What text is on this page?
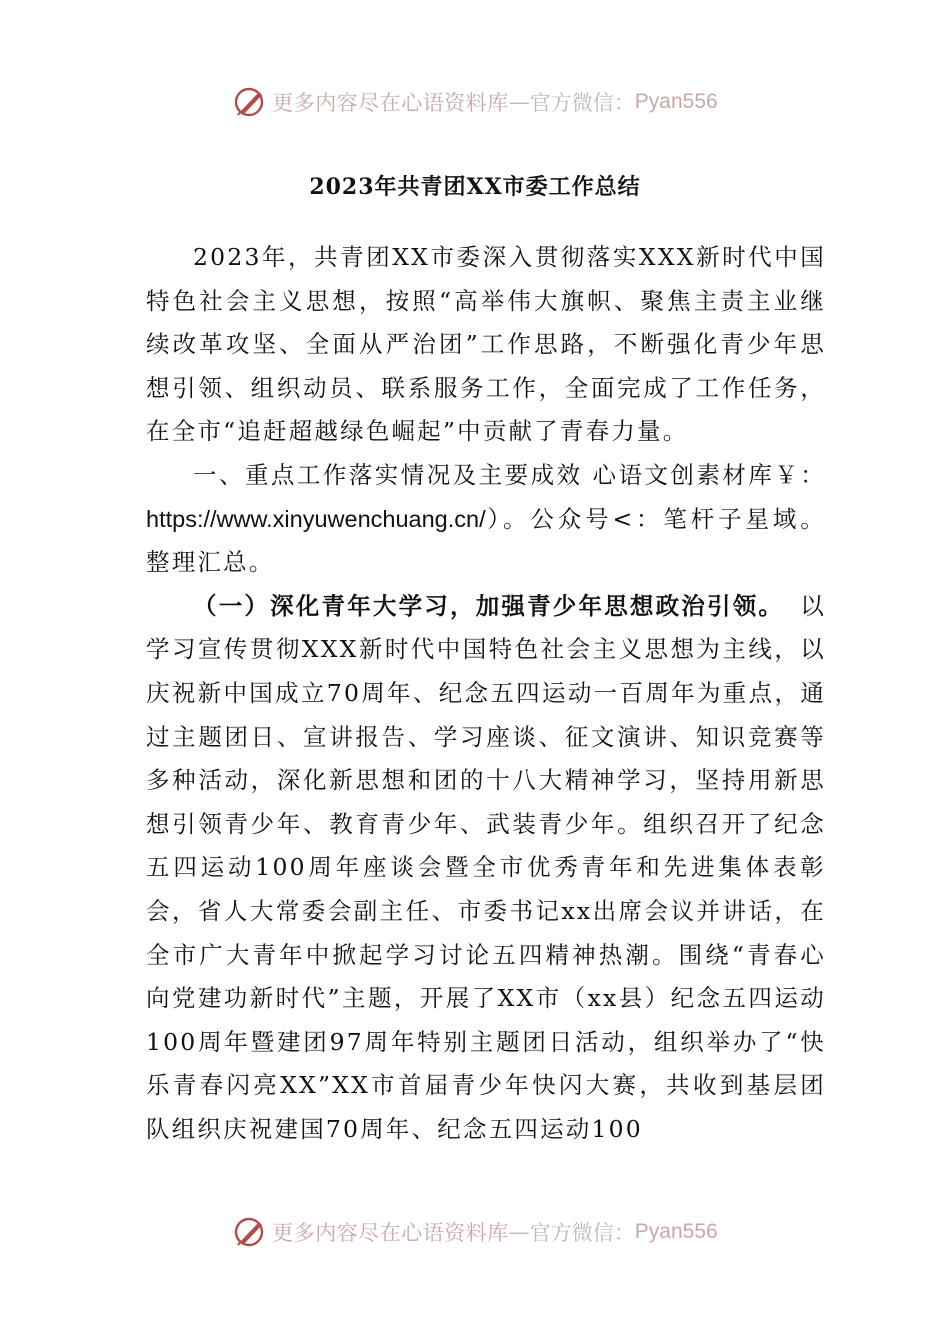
更多内容尽在心语资料库 — 官方微信： Pyan556
2023年共青团XX市委工作总结

2023年，共青团XX市委深入贯彻落实XXX新时代中国特色社会主义思想，按照“高举伟大旗帜、聚焦主责主业继续改革攻坚、全面从严治团”工作思路，不断强化青少年思想引领、组织动员、联系服务工作，全面完成了工作任务，在全市“追赶超越绿色崛起”中贡献了青春力量。

一、重点工作落实情况及主要成效 心语文创素材库￥：https://www.xinyuwenchuang.cn/）。公众号<：笔杆子星域。整理汇总。

（一）深化青年大学习，加强青少年思想政治引领。以学习宣传贯彻XXX新时代中国特色社会主义思想为主线，以庆祝新中国成立70周年、纪念五四运动一百周年为重点，通过主题团日、宣讲报告、学习座谈、征文演讲、知识竞赛等多种活动，深化新思想和团的十八大精神学习，坚持用新思想引领青少年、教育青少年、武装青少年。组织召开了纪念五四运动100周年座谈会暨全市优秀青年和先进集体表彰会，省人大常委会副主任、市委书记xx出席会议并讲话，在全市广大青年中掀起学习讨论五四精神热潮。围绕“青春心向党建功新时代”主题，开展了XX市（xx县）纪念五四运动100周年暨建团97周年特别主题团日活动，组织举办了“快乐青春闪亮XX”XX市首届青少年快闪大赛，共收到基层团队组织庆祝建国70周年、纪念五四运动100

更多内容尽在心语资料库 — 官方微信： Pyan556
